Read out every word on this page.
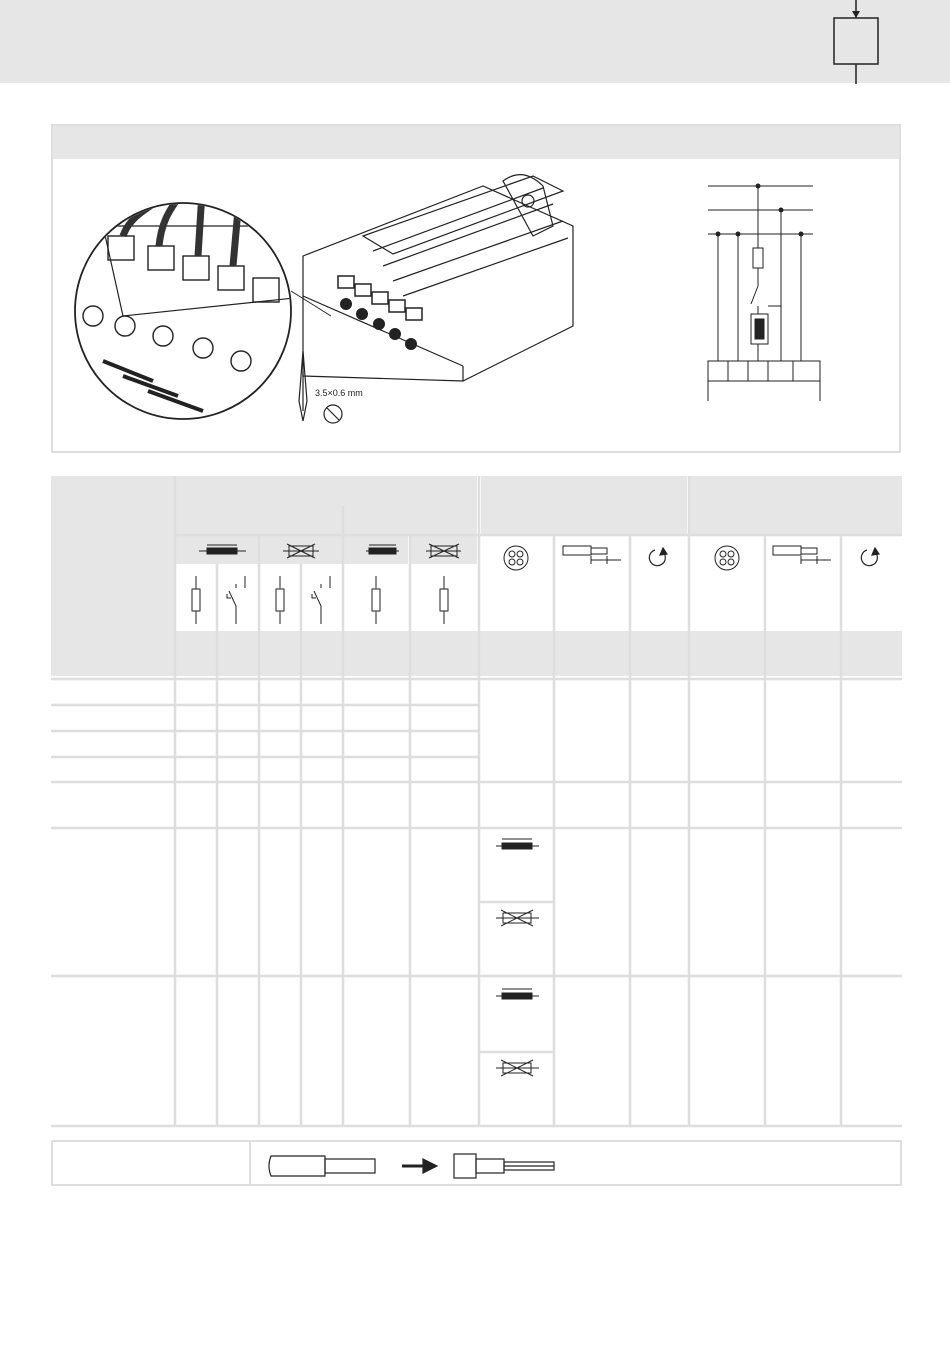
3.5×0.6 mm
